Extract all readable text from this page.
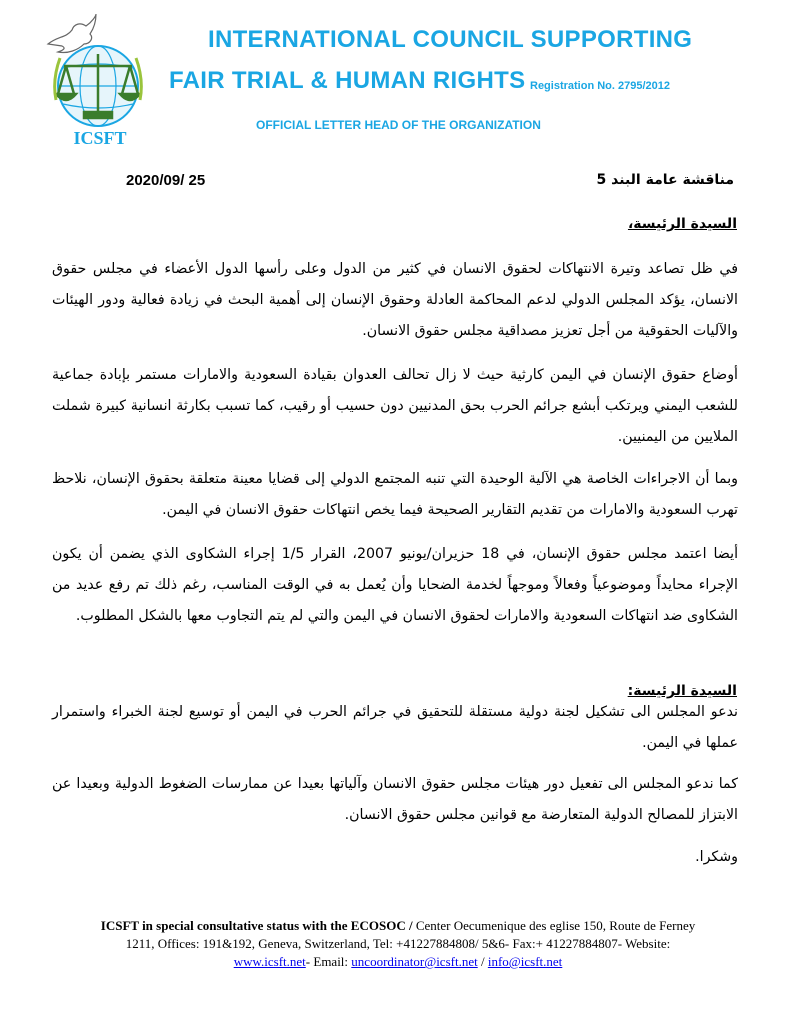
ICSFT
INTERNATIONAL COUNCIL SUPPORTING
FAIR TRIAL & HUMAN RIGHTS Registration No. 2795/2012
OFFICIAL LETTER HEAD OF THE ORGANIZATION
مناقشة عامة البند 5
2020/09/ 25
السيدة الرئيسة،

في ظل تصاعد وتيرة الانتهاكات لحقوق الانسان في كثير من الدول وعلى رأسها الدول الأعضاء في مجلس حقوق الانسان، يؤكد المجلس الدولي لدعم المحاكمة العادلة وحقوق الإنسان إلى أهمية البحث في زيادة فعالية ودور الهيئات والآليات الحقوقية من أجل تعزيز مصداقية مجلس حقوق الانسان.

أوضاع حقوق الإنسان في اليمن كارثية حيث لا زال تحالف العدوان بقيادة السعودية والامارات مستمر بإبادة جماعية للشعب اليمني ويرتكب أبشع جرائم الحرب بحق المدنيين دون حسيب أو رقيب، كما تسبب بكارثة انسانية كبيرة شملت الملايين من اليمنيين.

وبما أن الاجراءات الخاصة هي الآلية الوحيدة التي تنبه المجتمع الدولي إلى قضايا معينة متعلقة بحقوق الإنسان، نلاحظ تهرب السعودية والامارات من تقديم التقارير الصحيحة فيما يخص انتهاكات حقوق الانسان في اليمن.

أيضا اعتمد مجلس حقوق الإنسان، في 18 حزيران/يونيو 2007، القرار 1/5 إجراء الشكاوى الذي يضمن أن يكون الإجراء محايداً وموضوعياً وفعالاً وموجهاً لخدمة الضحايا وأن يُعمل به في الوقت المناسب، رغم ذلك تم رفع عديد من الشكاوى ضد انتهاكات السعودية والامارات لحقوق الانسان في اليمن والتي لم يتم التجاوب معها بالشكل المطلوب.

السيدة الرئيسة:

ندعو المجلس الى تشكيل لجنة دولية مستقلة للتحقيق في جرائم الحرب في اليمن أو توسيع لجنة الخبراء واستمرار عملها في اليمن.

كما ندعو المجلس الى تفعيل دور هيئات مجلس حقوق الانسان وآلياتها بعيدا عن ممارسات الضغوط الدولية وبعيدا عن الابتزاز للمصالح الدولية المتعارضة مع قوانين مجلس حقوق الانسان.

وشكرا.

ICSFT in special consultative status with the ECOSOC / Center Oecumenique des eglise 150, Route de Ferney
1211, Offices: 191&192, Geneva, Switzerland, Tel: +41227884808/ 5&6- Fax:+ 41227884807- Website:
www.icsft.net- Email: uncoordinator@icsft.net / info@icsft.net
